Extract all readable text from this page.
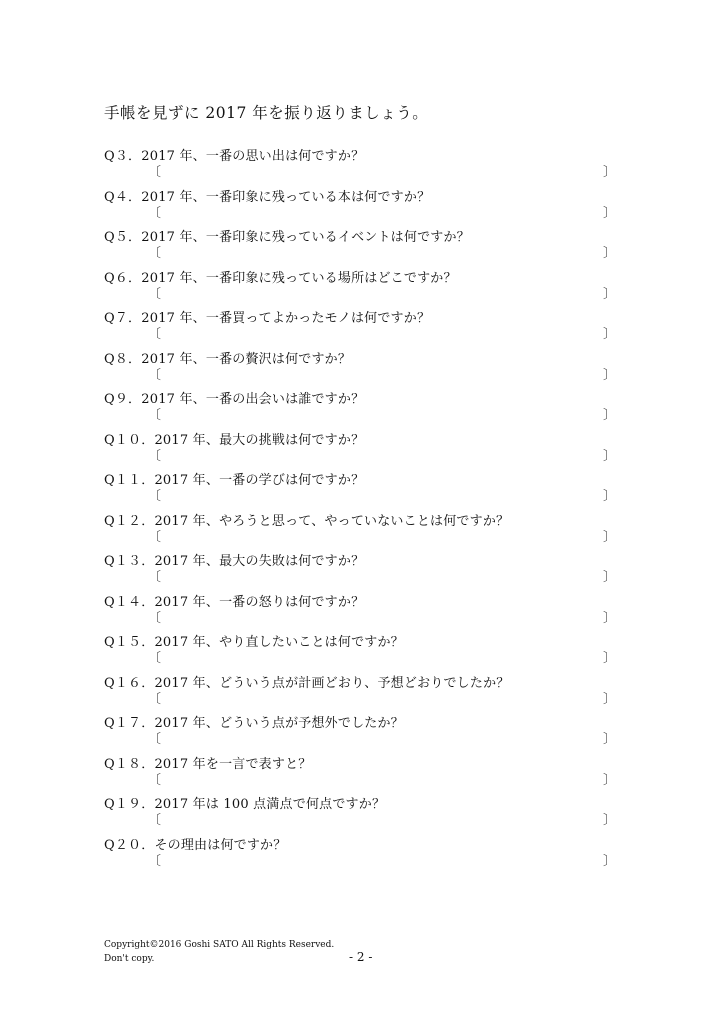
手帳を見ずに 2017 年を振り返りましょう。
Q３．2017 年、一番の思い出は何ですか？
〔	〕
Q４．2017 年、一番印象に残っている本は何ですか？
〔	〕
Q５．2017 年、一番印象に残っているイベントは何ですか？
〔	〕
Q６．2017 年、一番印象に残っている場所はどこですか？
〔	〕
Q７．2017 年、一番買ってよかったモノは何ですか？
〔	〕
Q８．2017 年、一番の贅沢は何ですか？
〔	〕
Q９．2017 年、一番の出会いは誰ですか？
〔	〕
Q１０．2017 年、最大の挑戦は何ですか？
〔	〕
Q１１．2017 年、一番の学びは何ですか？
〔	〕
Q１２．2017 年、やろうと思って、やっていないことは何ですか？
〔	〕
Q１３．2017 年、最大の失敗は何ですか？
〔	〕
Q１４．2017 年、一番の怒りは何ですか？
〔	〕
Q１５．2017 年、やり直したいことは何ですか？
〔	〕
Q１６．2017 年、どういう点が計画どおり、予想どおりでしたか？
〔	〕
Q１７．2017 年、どういう点が予想外でしたか？
〔	〕
Q１８．2017 年を一言で表すと？
〔	〕
Q１９．2017 年は 100 点満点で何点ですか？
〔	〕
Q２０．その理由は何ですか？
〔	〕
Copyright©2016 Goshi SATO All Rights Reserved.
Don't copy.	- 2 -
